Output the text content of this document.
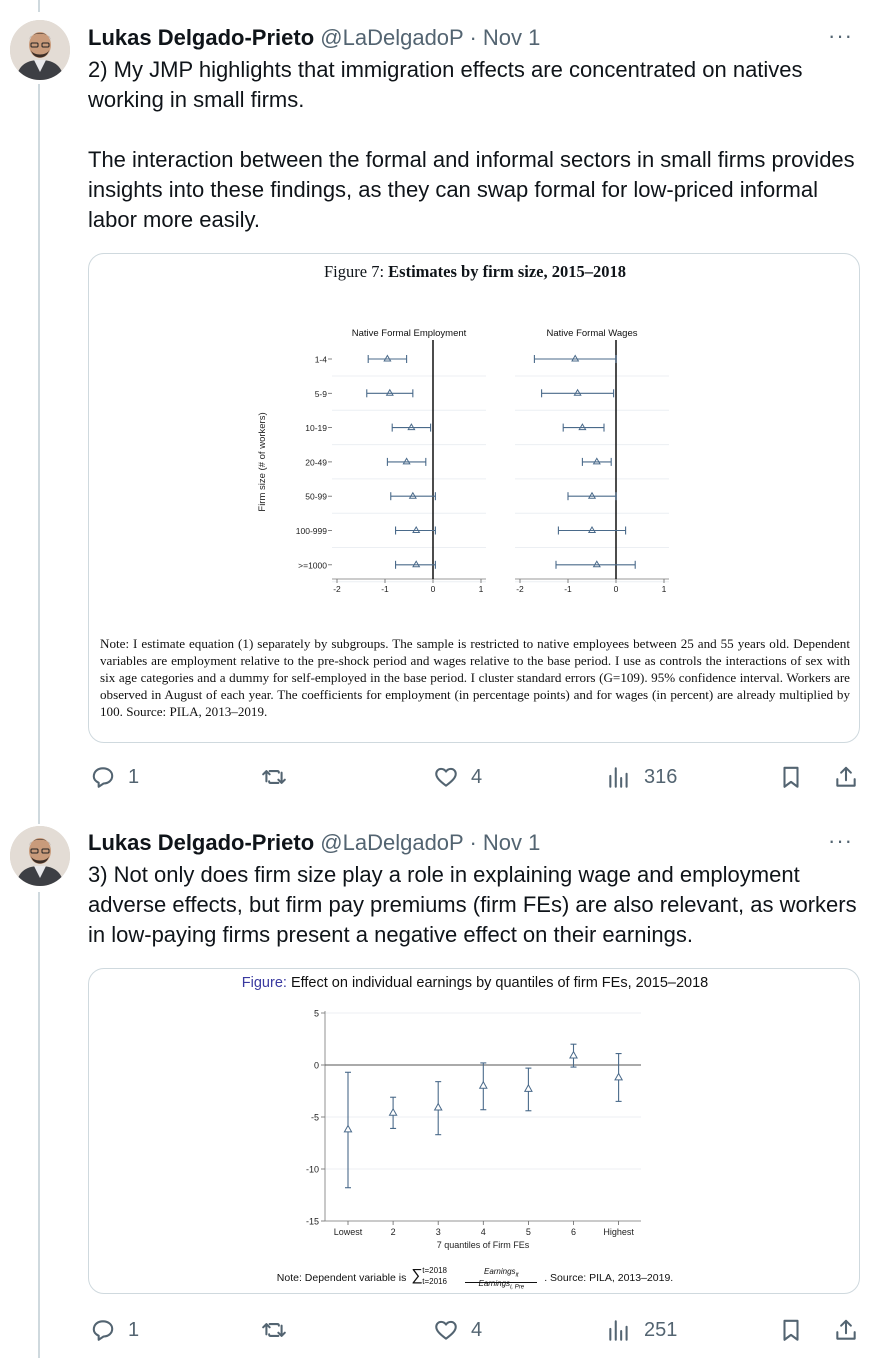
Lukas Delgado-Prieto @LaDelgadoP · Nov 1	···

2) My JMP highlights that immigration effects are concentrated on natives working in small firms.

The interaction between the formal and informal sectors in small firms provides insights into these findings, as they can swap formal for low-priced informal labor more easily.

Figure 7: Estimates by firm size, 2015–2018
Firm size (# of workers)
1-4
5-9
10-19
20-49
50-99
100-999
>=1000
Native Formal Employment
-2	-1	0	1
Native Formal Wages
-2	-1	0	1
Note: I estimate equation (1) separately by subgroups. The sample is restricted to native employees between 25 and 55 years old. Dependent variables are employment relative to the pre-shock period and wages relative to the base period. I use as controls the interactions of sex with six age categories and a dummy for self-employed in the base period. I cluster standard errors (G=109). 95% confidence interval. Workers are observed in August of each year. The coefficients for employment (in percentage points) and for wages (in percent) are already multiplied by 100. Source: PILA, 2013–2019.
1	4	316
Lukas Delgado-Prieto @LaDelgadoP · Nov 1	···

3) Not only does firm size play a role in explaining wage and employment adverse effects, but firm pay premiums (firm FEs) are also relevant, as workers in low-paying firms present a negative effect on their earnings.

Figure: Effect on individual earnings by quantiles of firm FEs, 2015–2018
5
0
-5
-10
-15
Lowest	2	3	4	5	6	Highest
7 quantiles of Firm FEs
Note: Dependent variable is ∑ t=2018
t=2016
Earnings$_{it}$
Earnings$_{i, Pre}$
. Source: PILA, 2013–2019.
1	4	251
